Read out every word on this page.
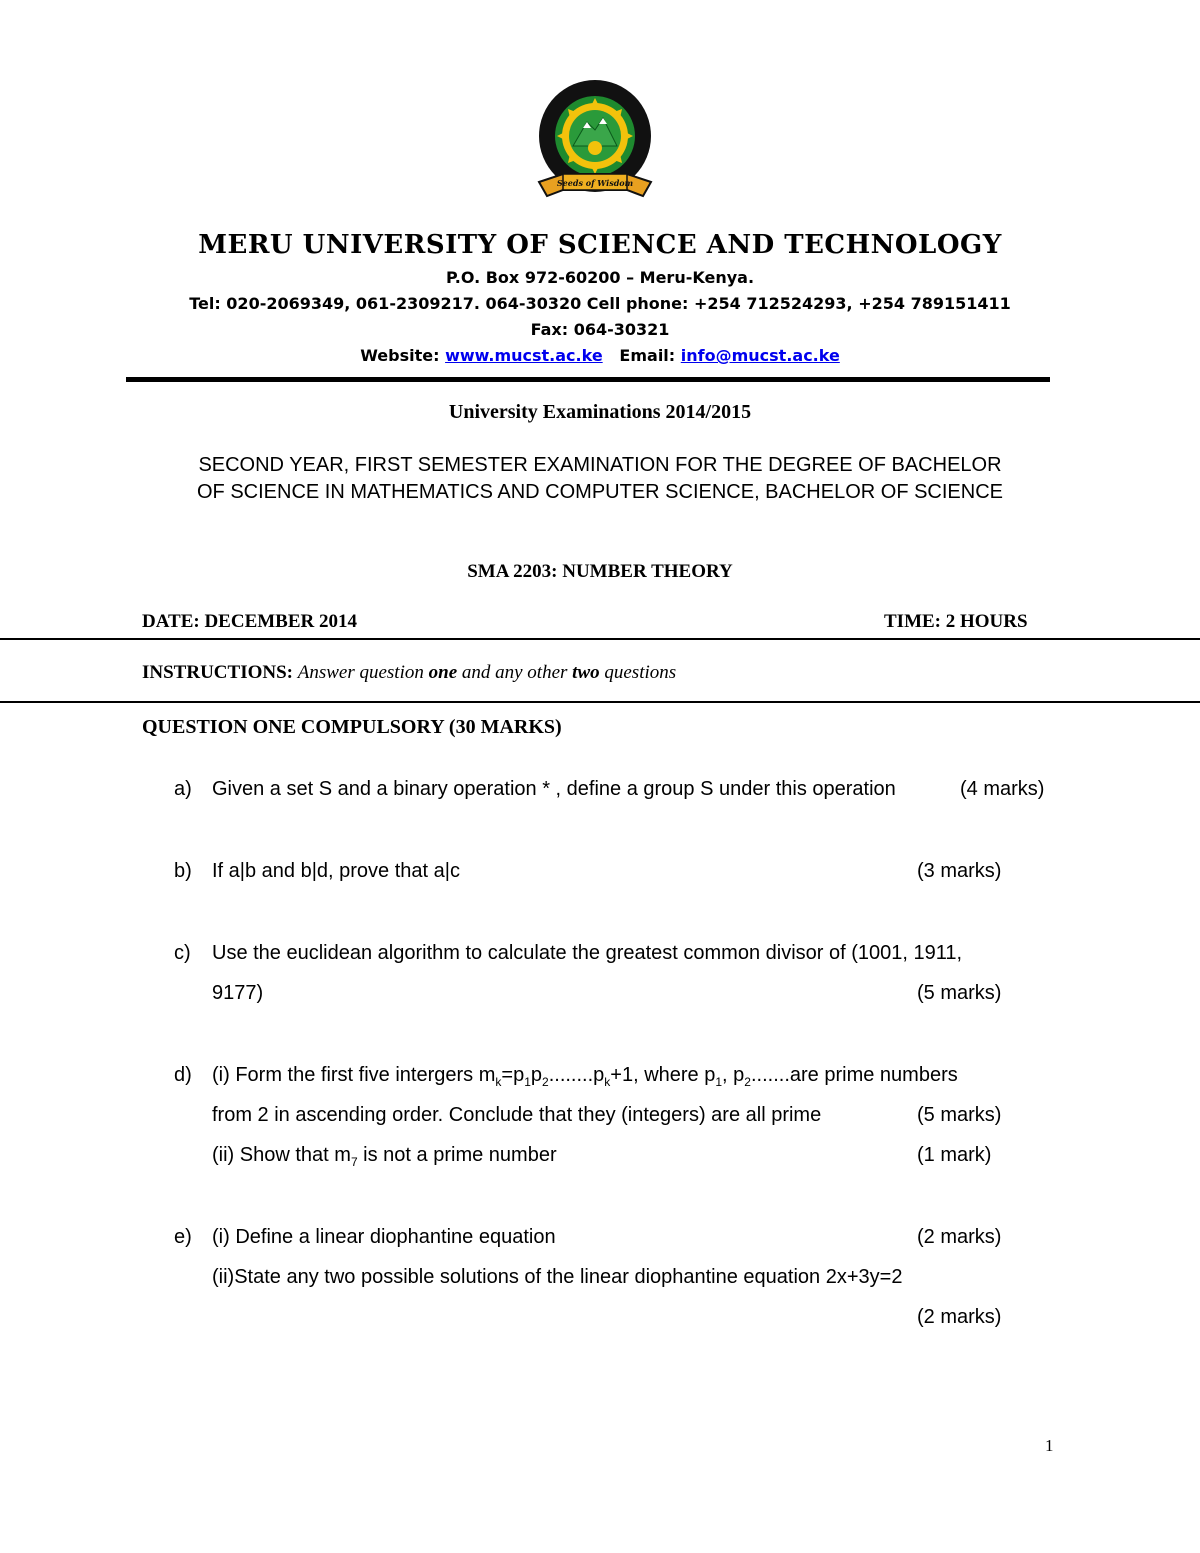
Seeds of Wisdom
MERU UNIVERSITY OF SCIENCE AND TECHNOLOGY
P.O. Box 972-60200 – Meru-Kenya.
Tel: 020-2069349, 061-2309217. 064-30320 Cell phone: +254 712524293, +254 789151411
Fax: 064-30321
Website: www.mucst.ac.ke Email: info@mucst.ac.ke
University Examinations 2014/2015
SECOND YEAR, FIRST SEMESTER EXAMINATION FOR THE DEGREE OF BACHELOR
OF SCIENCE IN MATHEMATICS AND COMPUTER SCIENCE, BACHELOR OF SCIENCE
SMA 2203: NUMBER THEORY
DATE: DECEMBER 2014	TIME: 2 HOURS
INSTRUCTIONS: Answer question one and any other two questions
QUESTION ONE COMPULSORY (30 MARKS)
a) Given a set S and a binary operation * , define a group S under this operation	(4 marks)
b) If a|b and b|d, prove that a|c	(3 marks)
c) Use the euclidean algorithm to calculate the greatest common divisor of (1001, 1911,
9177)	(5 marks)
d) (i) Form the first five intergers $m_k=p_1p_2........p_k+1$, where $p_1$, $p_2.......are$ prime numbers
from 2 in ascending order. Conclude that they (integers) are all prime	(5 marks)
(ii) Show that $m_7$ is not a prime number	(1 mark)
e) (i) Define a linear diophantine equation	(2 marks)
(ii)State any two possible solutions of the linear diophantine equation 2x+3y=2
(2 marks)
1
